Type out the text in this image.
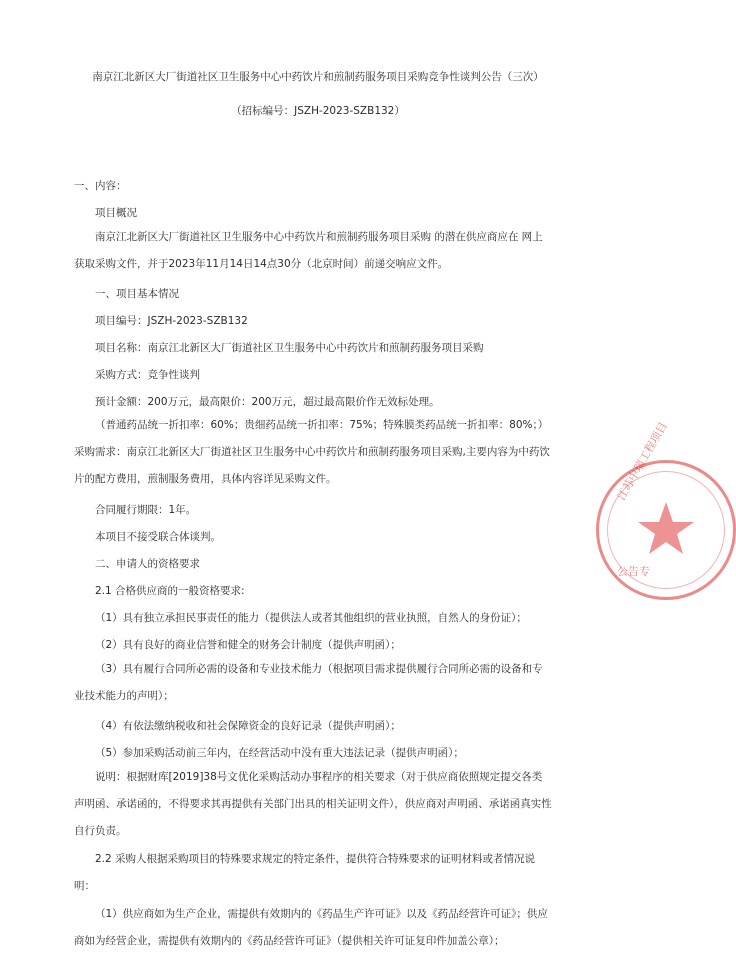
南京江北新区大厂街道社区卫生服务中心中药饮片和煎制药服务项目采购竞争性谈判公告（三次）
（招标编号：JSZH-2023-SZB132）
一、内容：
项目概况
南京江北新区大厂街道社区卫生服务中心中药饮片和煎制药服务项目采购 的潜在供应商应在 网上获取采购文件，并于2023年11月14日14点30分（北京时间）前递交响应文件。
一、项目基本情况
项目编号：JSZH-2023-SZB132
项目名称：南京江北新区大厂街道社区卫生服务中心中药饮片和煎制药服务项目采购
采购方式：竞争性谈判
预计金额：200万元，最高限价：200万元，超过最高限价作无效标处理。
（普通药品统一折扣率：60%；贵细药品统一折扣率：75%；特殊膜类药品统一折扣率：80%；）采购需求：南京江北新区大厂街道社区卫生服务中心中药饮片和煎制药服务项目采购,主要内容为中药饮片的配方费用，煎制服务费用，具体内容详见采购文件。
合同履行期限：1年。
本项目不接受联合体谈判。
二、申请人的资格要求
2.1 合格供应商的一般资格要求:
（1）具有独立承担民事责任的能力（提供法人或者其他组织的营业执照，自然人的身份证）；
（2）具有良好的商业信誉和健全的财务会计制度（提供声明函）；
（3）具有履行合同所必需的设备和专业技术能力（根据项目需求提供履行合同所必需的设备和专业技术能力的声明）；
（4）有依法缴纳税收和社会保障资金的良好记录（提供声明函）；
（5）参加采购活动前三年内，在经营活动中没有重大违法记录（提供声明函）；
说明：根据财库[2019]38号文优化采购活动办事程序的相关要求（对于供应商依照规定提交各类声明函、承诺函的，不得要求其再提供有关部门出具的相关证明文件），供应商对声明函、承诺函真实性自行负责。
2.2 采购人根据采购项目的特殊要求规定的特定条件，提供符合特殊要求的证明材料或者情况说明：
（1）供应商如为生产企业，需提供有效期内的《药品生产许可证》以及《药品经营许可证》；供应商如为经营企业，需提供有效期内的《药品经营许可证》（提供相关许可证复印件加盖公章）；
江苏中瑞工程项目
公告专
